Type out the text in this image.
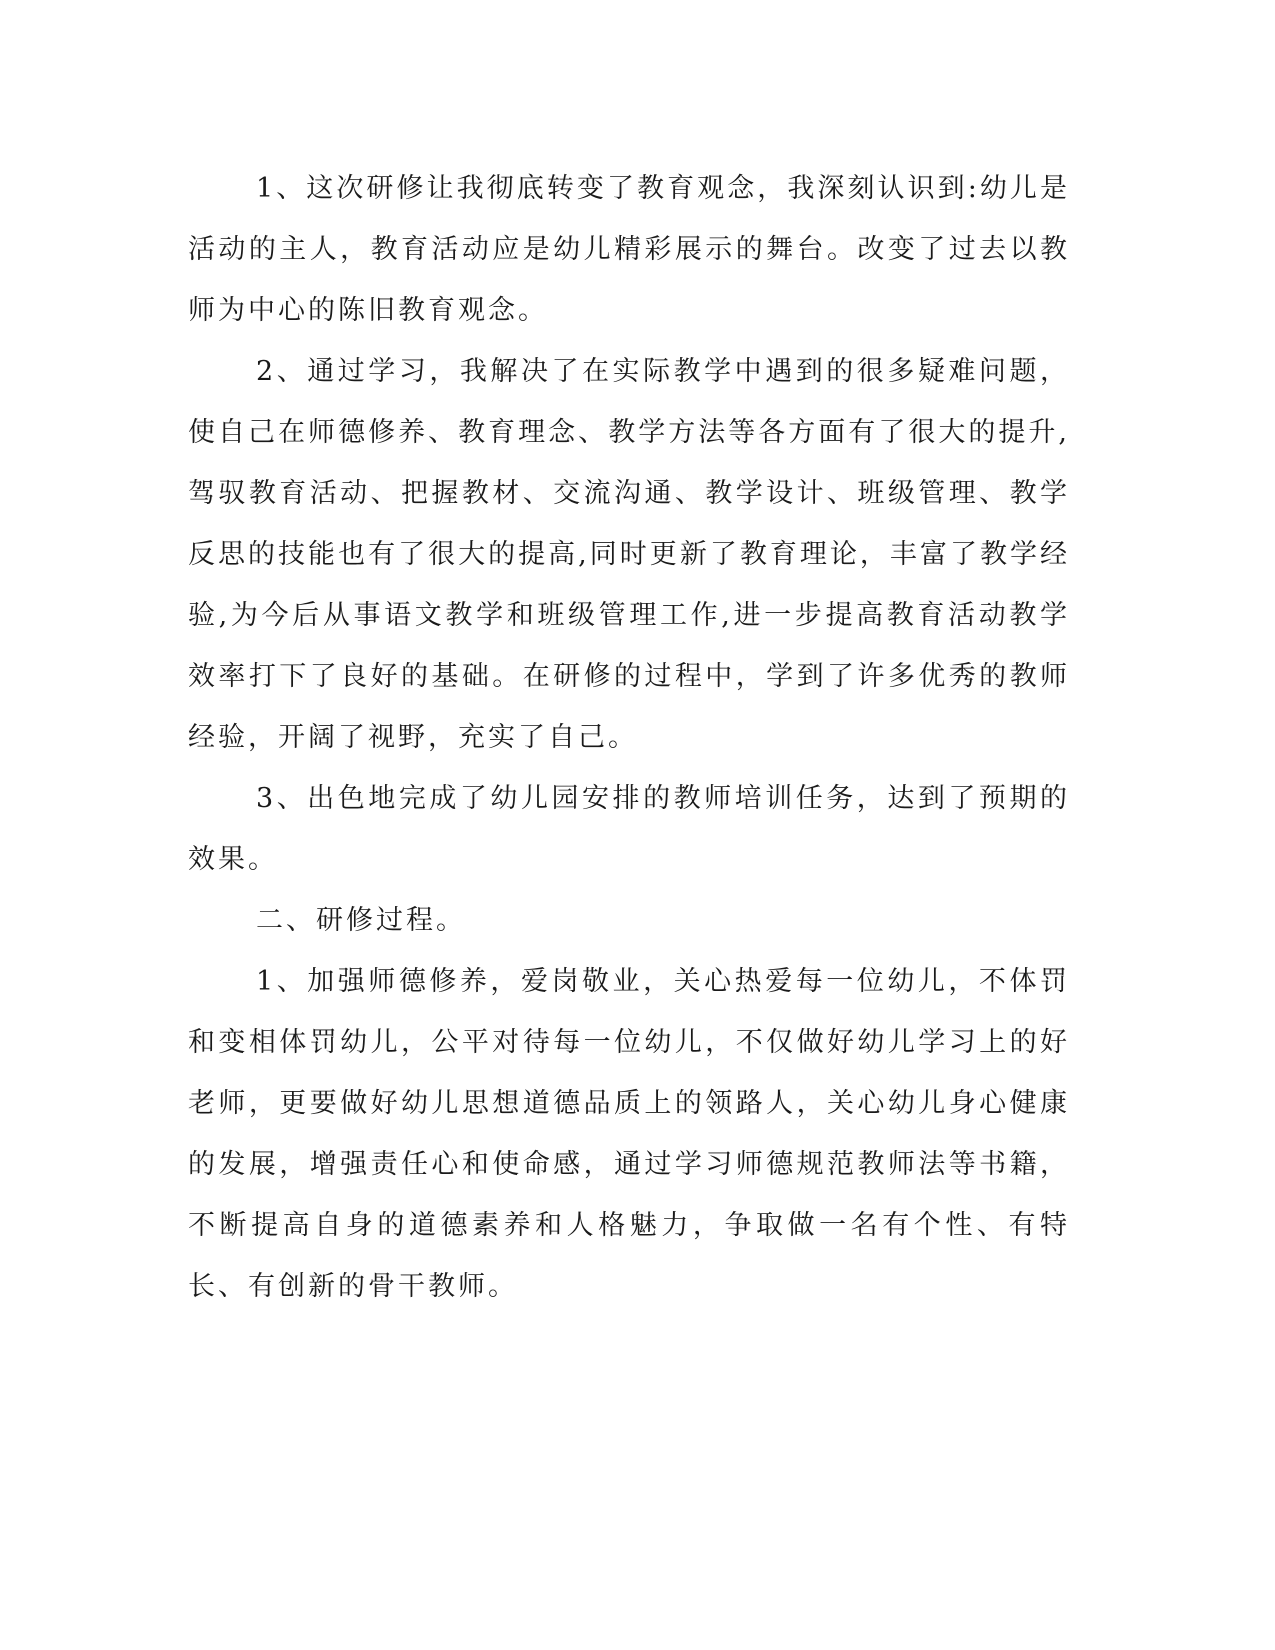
1、这次研修让我彻底转变了教育观念，我深刻认识到:幼儿是活动的主人，教育活动应是幼儿精彩展示的舞台。改变了过去以教师为中心的陈旧教育观念。

2、通过学习，我解决了在实际教学中遇到的很多疑难问题，使自己在师德修养、教育理念、教学方法等各方面有了很大的提升,驾驭教育活动、把握教材、交流沟通、教学设计、班级管理、教学反思的技能也有了很大的提高,同时更新了教育理论，丰富了教学经验,为今后从事语文教学和班级管理工作,进一步提高教育活动教学效率打下了良好的基础。在研修的过程中，学到了许多优秀的教师经验，开阔了视野，充实了自己。

3、出色地完成了幼儿园安排的教师培训任务，达到了预期的效果。

二、研修过程。

1、加强师德修养，爱岗敬业，关心热爱每一位幼儿，不体罚和变相体罚幼儿，公平对待每一位幼儿，不仅做好幼儿学习上的好老师，更要做好幼儿思想道德品质上的领路人，关心幼儿身心健康的发展，增强责任心和使命感，通过学习师德规范教师法等书籍，不断提高自身的道德素养和人格魅力，争取做一名有个性、有特长、有创新的骨干教师。
